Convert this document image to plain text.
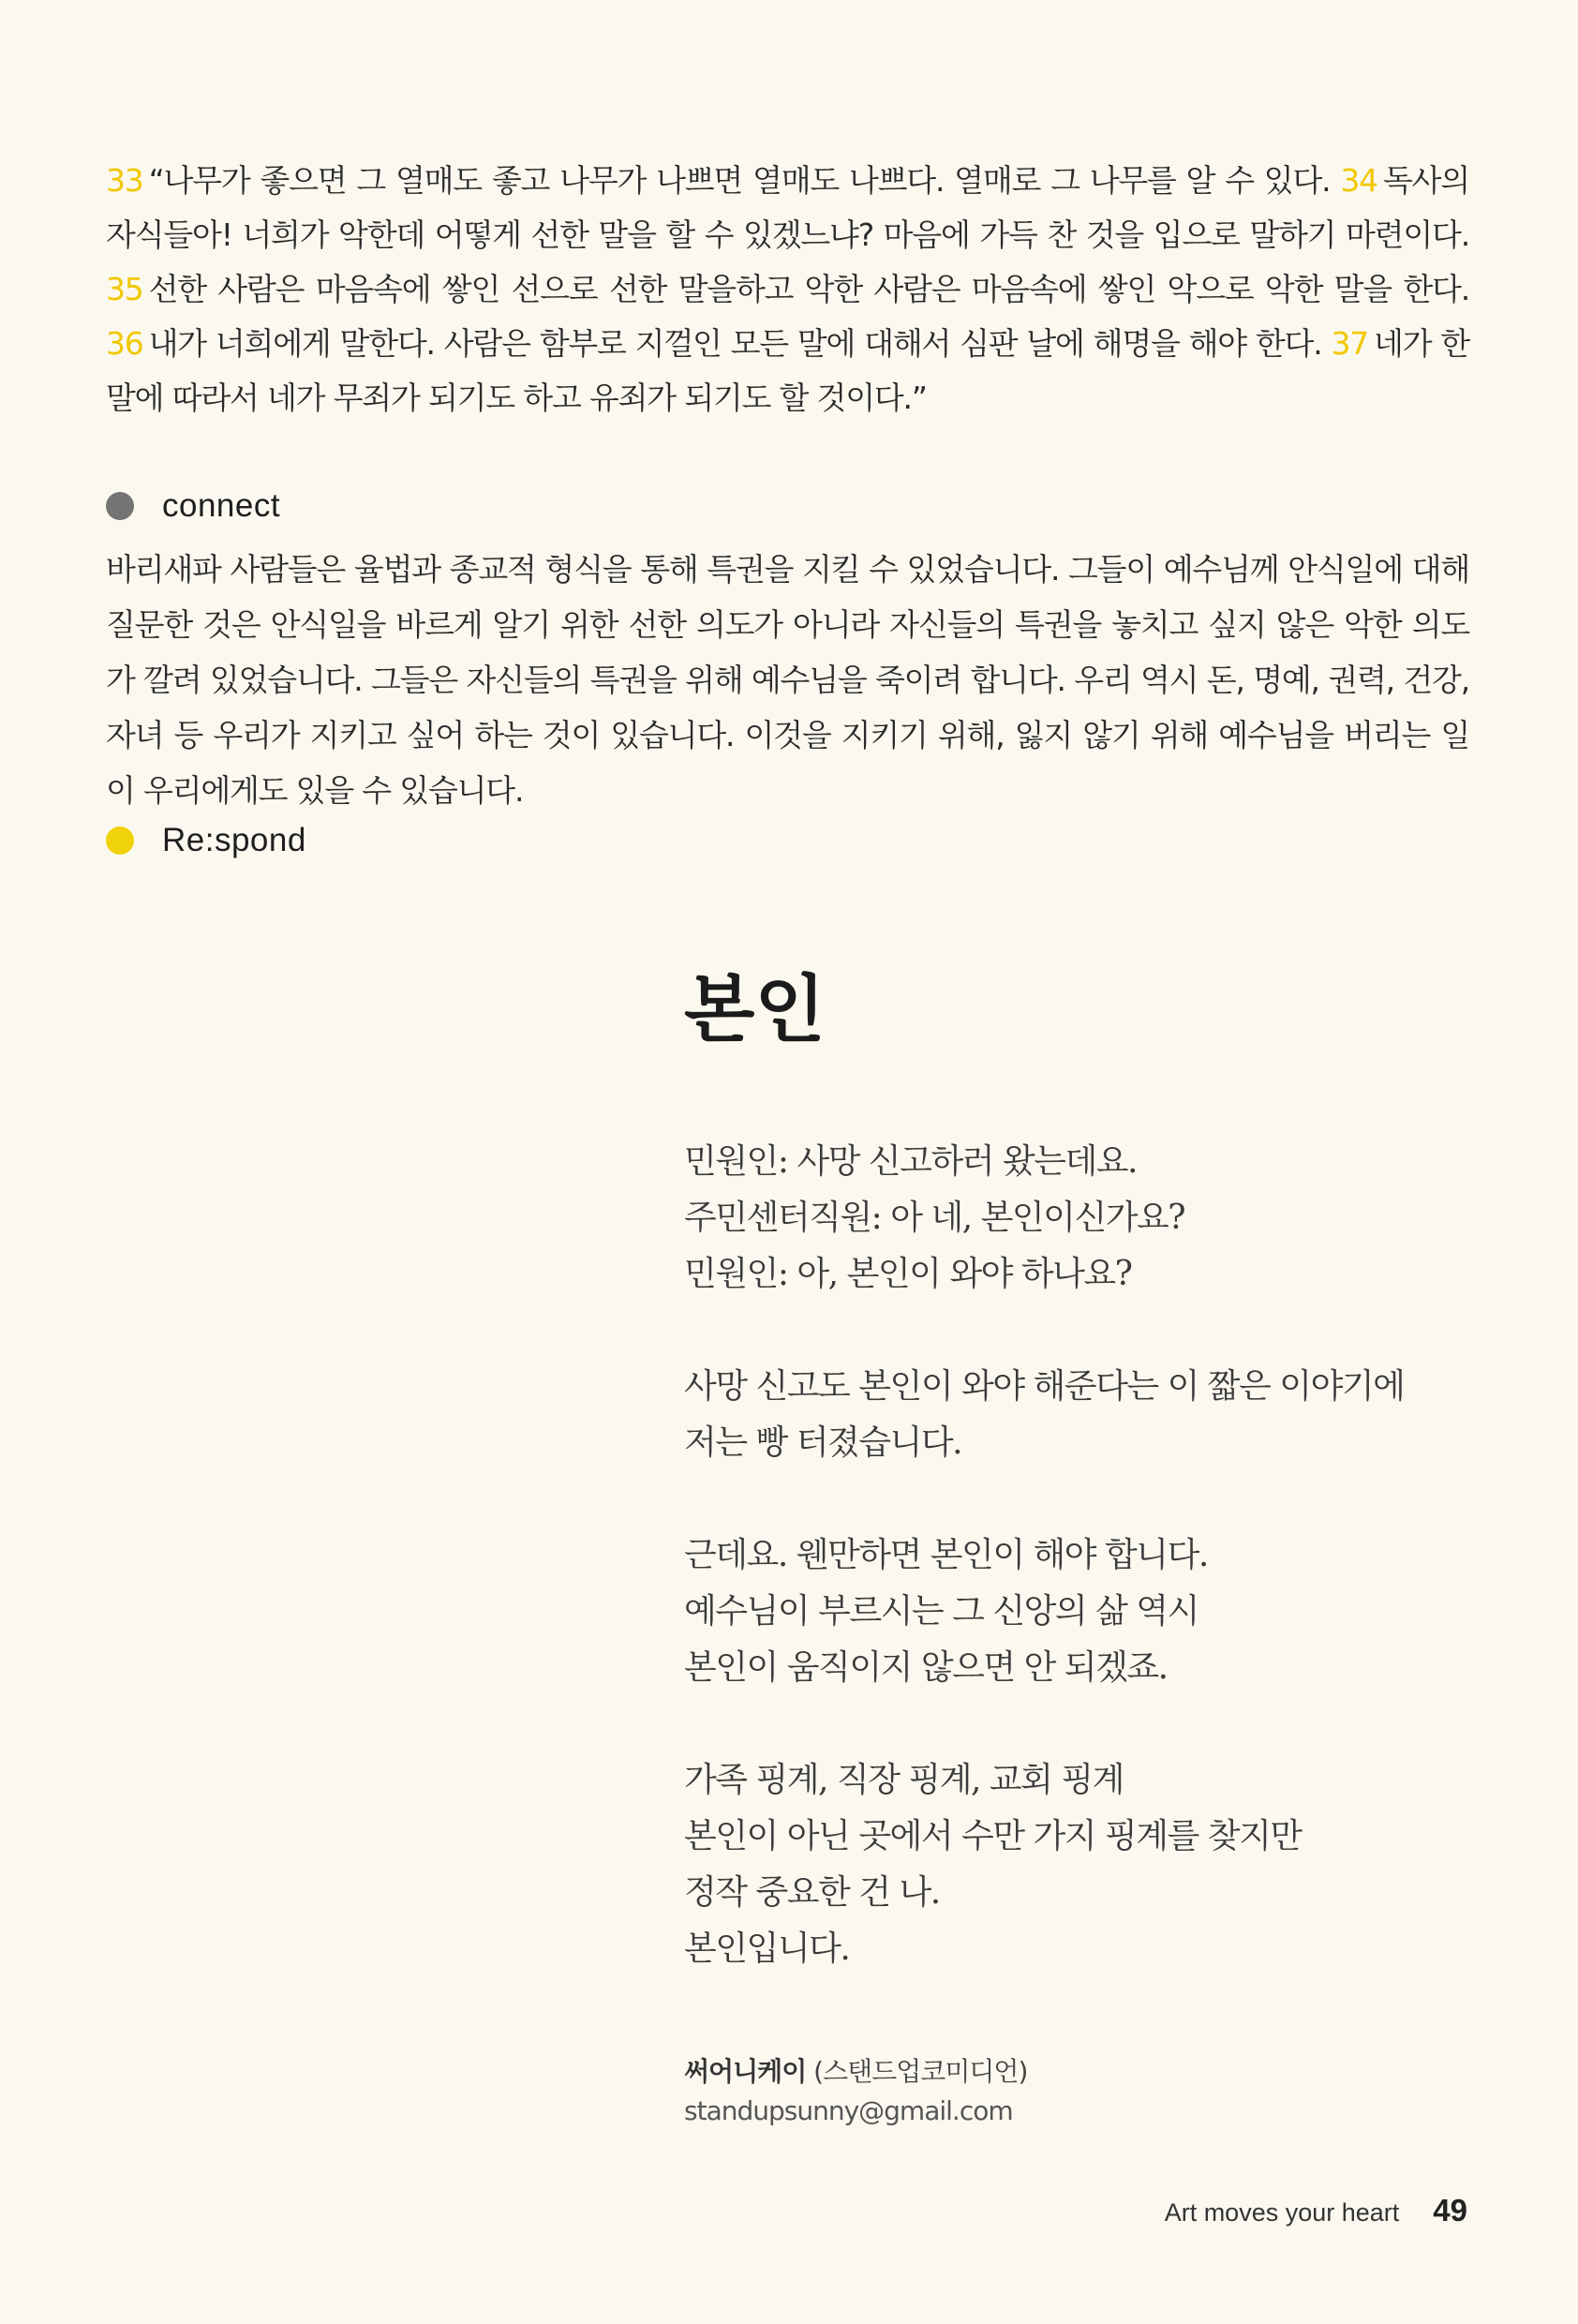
33 “나무가 좋으면 그 열매도 좋고 나무가 나쁘면 열매도 나쁘다. 열매로 그 나무를 알 수 있다. 34 독사의 자식들아! 너희가 악한데 어떻게 선한 말을 할 수 있겠느냐? 마음에 가득 찬 것을 입으로 말하기 마련이다. 35 선한 사람은 마음속에 쌓인 선으로 선한 말을하고 악한 사람은 마음속에 쌓인 악으로 악한 말을 한다. 36 내가 너희에게 말한다. 사람은 함부로 지껄인 모든 말에 대해서 심판 날에 해명을 해야 한다. 37 네가 한 말에 따라서 네가 무죄가 되기도 하고 유죄가 되기도 할 것이다.”
connect
바리새파 사람들은 율법과 종교적 형식을 통해 특권을 지킬 수 있었습니다. 그들이 예수님께 안식일에 대해 질문한 것은 안식일을 바르게 알기 위한 선한 의도가 아니라 자신들의 특권을 놓치고 싶지 않은 악한 의도가 깔려 있었습니다. 그들은 자신들의 특권을 위해 예수님을 죽이려 합니다. 우리 역시 돈, 명예, 권력, 건강, 자녀 등 우리가 지키고 싶어 하는 것이 있습니다. 이것을 지키기 위해, 잃지 않기 위해 예수님을 버리는 일이 우리에게도 있을 수 있습니다.
Re:spond
본인

민원인: 사망 신고하러 왔는데요.
주민센터직원: 아 네, 본인이신가요?
민원인: 아, 본인이 와야 하나요?

사망 신고도 본인이 와야 해준다는 이 짧은 이야기에
저는 빵 터졌습니다.

근데요. 웬만하면 본인이 해야 합니다.
예수님이 부르시는 그 신앙의 삶 역시
본인이 움직이지 않으면 안 되겠죠.

가족 핑계, 직장 핑계, 교회 핑계
본인이 아닌 곳에서 수만 가지 핑계를 찾지만
정작 중요한 건 나.
본인입니다.

써어니케이 (스탠드업코미디언)
standupsunny@gmail.com
Art moves your heart 49
